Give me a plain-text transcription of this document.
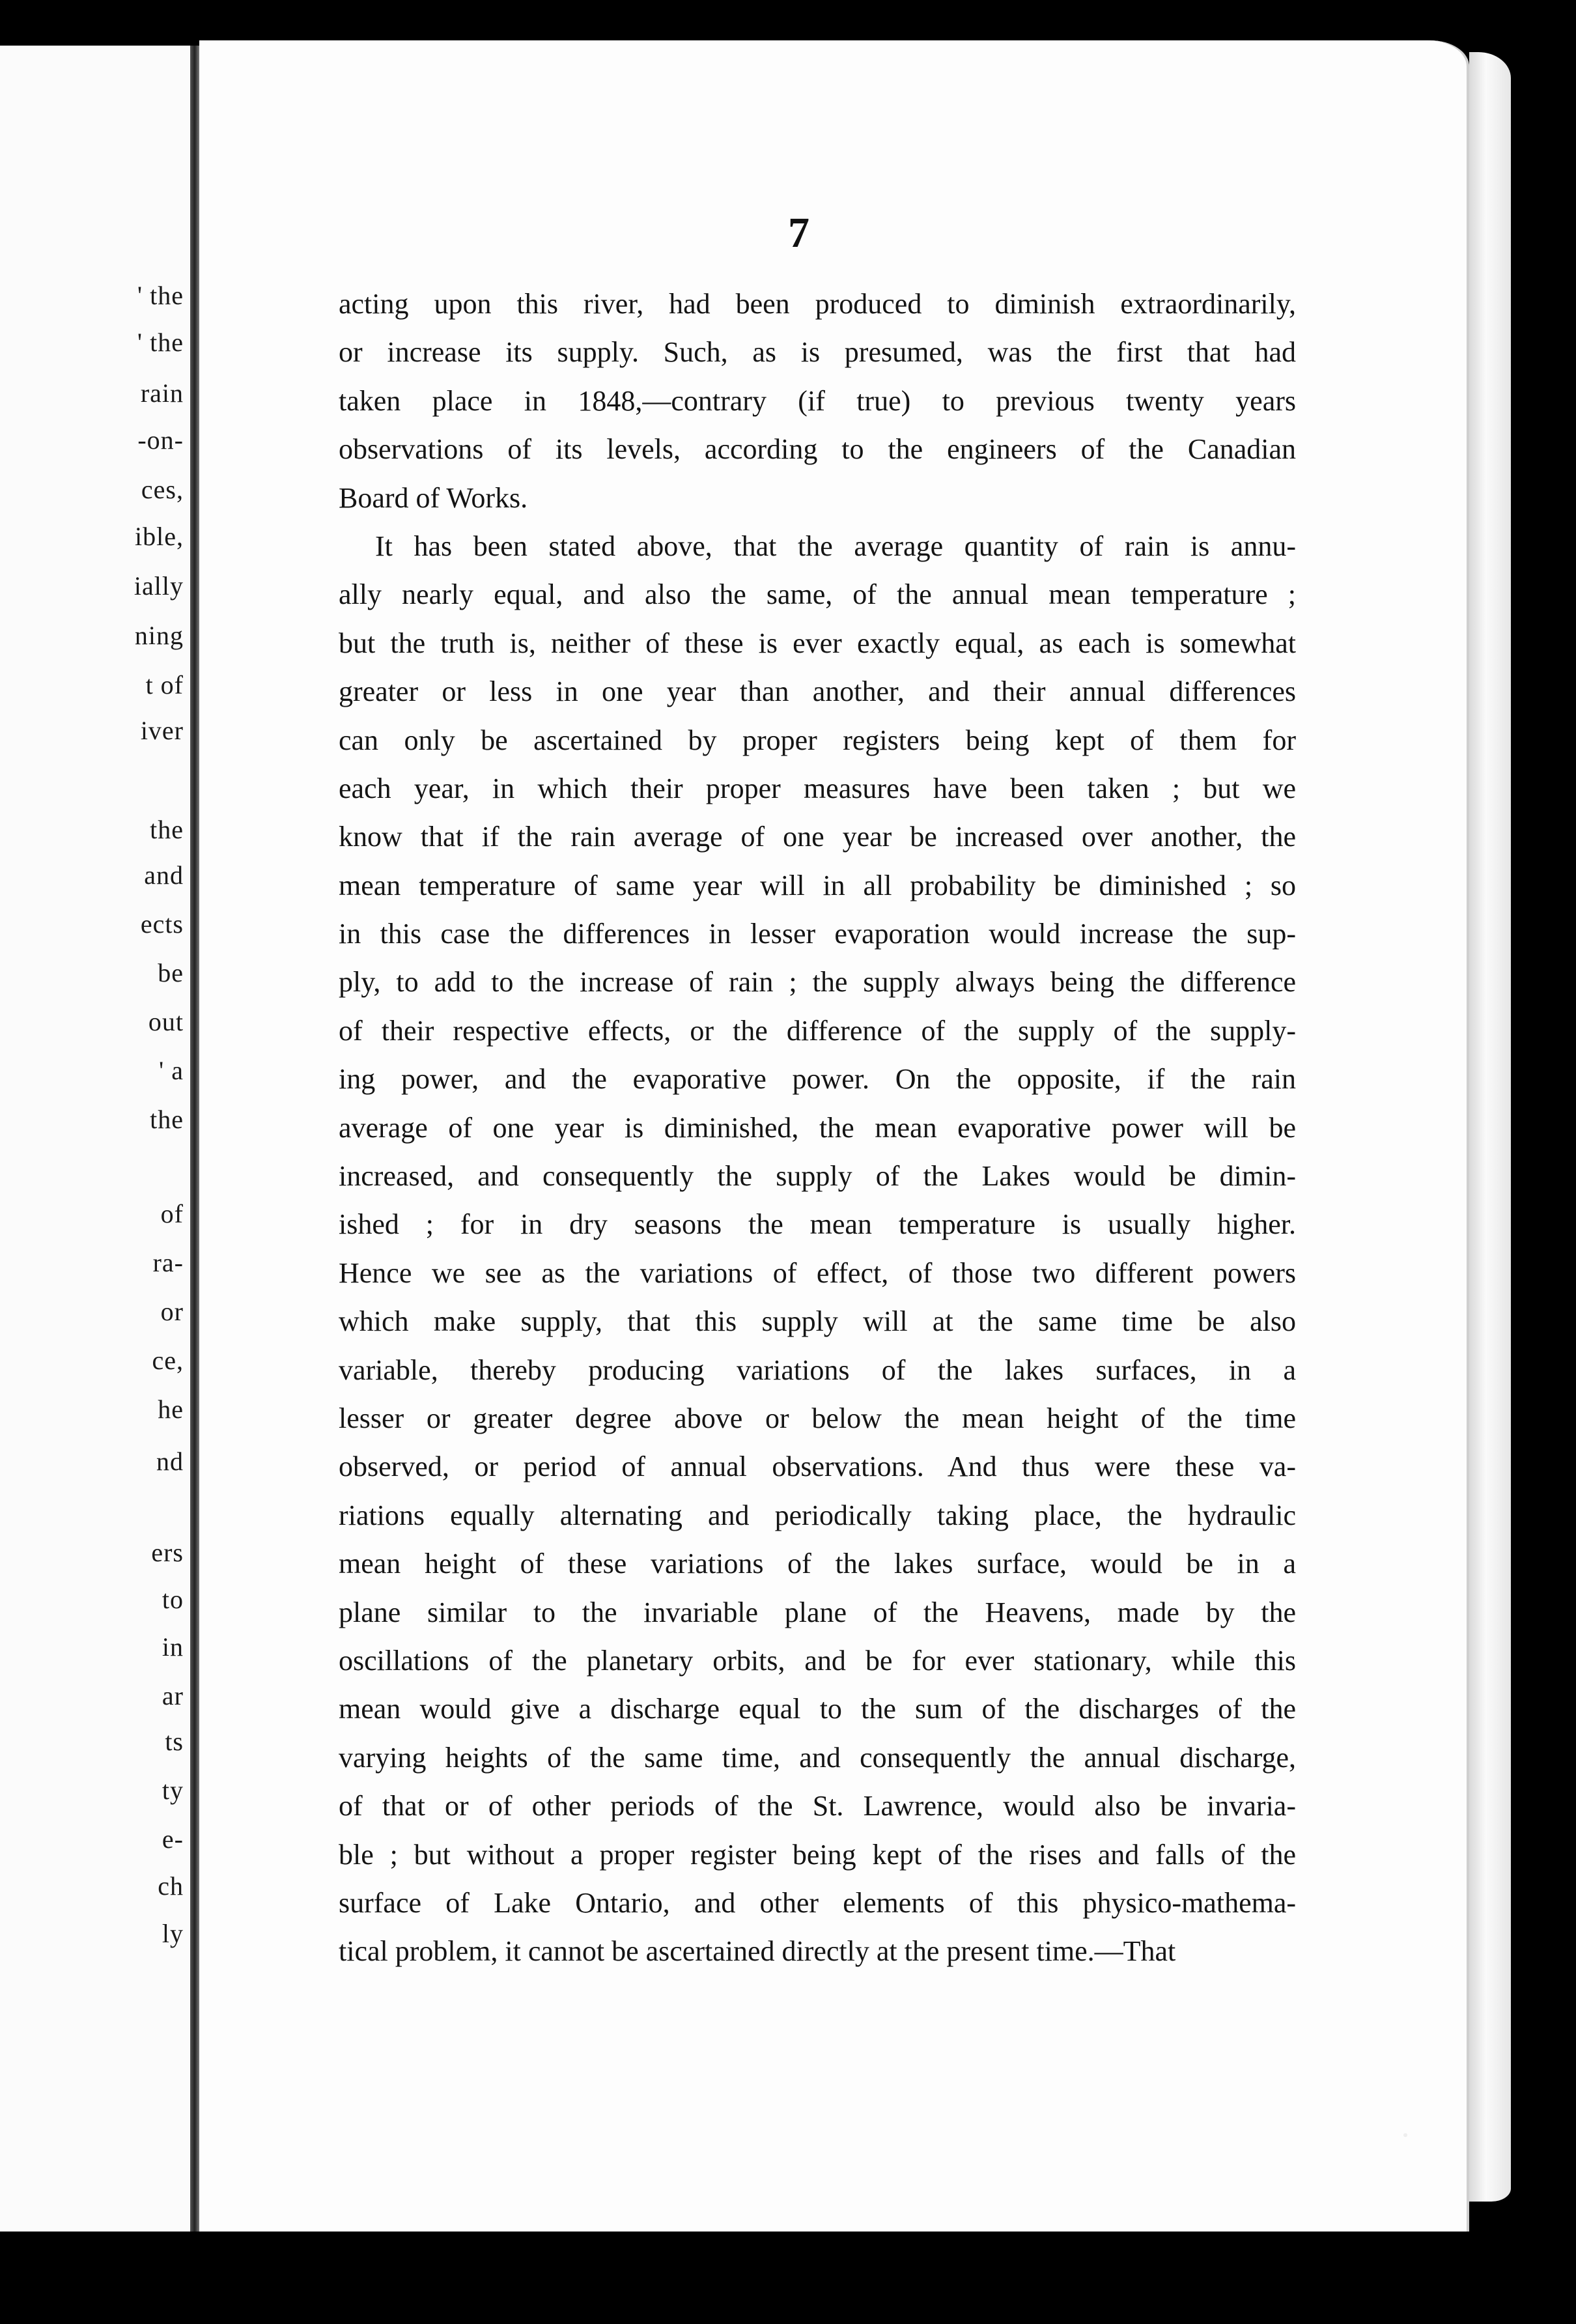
' the
' the
rain
-on-
ces,
ible,
ially
ning
t of
iver
the
and
ects
be
out
' a
the
of
ra-
or
ce,
he
nd
ers
to
in
ar
ts
ty
e-
ch
ly
7
acting upon this river, had been produced to diminish extraordinarily,
or increase its supply. Such, as is presumed, was the first that had
taken place in 1848,—contrary (if true) to previous twenty years
observations of its levels, according to the engineers of the Canadian
Board of Works.
It has been stated above, that the average quantity of rain is annu-
ally nearly equal, and also the same, of the annual mean temperature ;
but the truth is, neither of these is ever exactly equal, as each is somewhat
greater or less in one year than another, and their annual differences
can only be ascertained by proper registers being kept of them for
each year, in which their proper measures have been taken ; but we
know that if the rain average of one year be increased over another, the
mean temperature of same year will in all probability be diminished ; so
in this case the differences in lesser evaporation would increase the sup-
ply, to add to the increase of rain ; the supply always being the difference
of their respective effects, or the difference of the supply of the supply-
ing power, and the evaporative power. On the opposite, if the rain
average of one year is diminished, the mean evaporative power will be
increased, and consequently the supply of the Lakes would be dimin-
ished ; for in dry seasons the mean temperature is usually higher.
Hence we see as the variations of effect, of those two different powers
which make supply, that this supply will at the same time be also
variable, thereby producing variations of the lakes surfaces, in a
lesser or greater degree above or below the mean height of the time
observed, or period of annual observations. And thus were these va-
riations equally alternating and periodically taking place, the hydraulic
mean height of these variations of the lakes surface, would be in a
plane similar to the invariable plane of the Heavens, made by the
oscillations of the planetary orbits, and be for ever stationary, while this
mean would give a discharge equal to the sum of the discharges of the
varying heights of the same time, and consequently the annual discharge,
of that or of other periods of the St. Lawrence, would also be invaria-
ble ; but without a proper register being kept of the rises and falls of the
surface of Lake Ontario, and other elements of this physico-mathema-
tical problem, it cannot be ascertained directly at the present time.—That
